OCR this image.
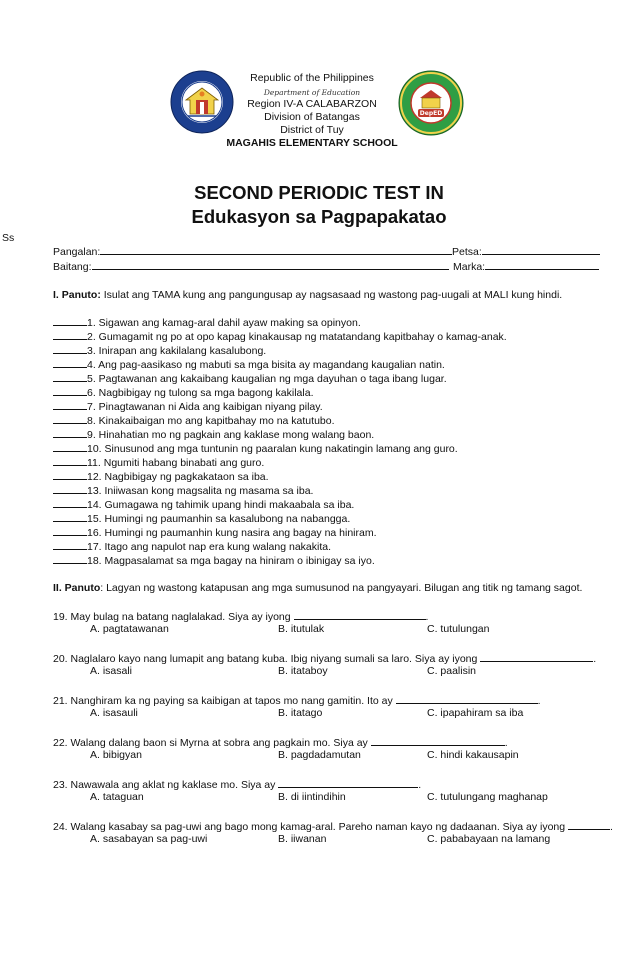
DepED
Republic of the Philippines
Department of Education
Region IV-A CALABARZON
Division of Batangas
District of Tuy
MAGAHIS ELEMENTARY SCHOOL
SECOND PERIODIC TEST IN
Edukasyon sa Pagpapakatao
Ss
Pangalan:	Petsa:
Baitang:	Marka:
I. Panuto: Isulat ang TAMA kung ang pangungusap ay nagsasaad ng wastong pag-uugali at MALI kung hindi.
1. Sigawan ang kamag-aral dahil ayaw making sa opinyon.
2. Gumagamit ng po at opo kapag kinakausap ng matatandang kapitbahay o kamag-anak.
3. Inirapan ang kakilalang kasalubong.
4. Ang pag-aasikaso ng mabuti sa mga bisita ay magandang kaugalian natin.
5. Pagtawanan ang kakaibang kaugalian ng mga dayuhan o taga ibang lugar.
6. Nagbibigay ng tulong sa mga bagong kakilala.
7. Pinagtawanan ni Aida ang kaibigan niyang pilay.
8. Kinakaibaigan mo ang kapitbahay mo na katutubo.
9. Hinahatian mo ng pagkain ang kaklase mong walang baon.
10. Sinusunod ang mga tuntunin ng paaralan kung nakatingin lamang ang guro.
11. Ngumiti habang binabati ang guro.
12. Nagbibigay ng pagkakataon sa iba.
13. Iniiwasan kong magsalita ng masama sa iba.
14. Gumagawa ng tahimik upang hindi makaabala sa iba.
15. Humingi ng paumanhin sa kasalubong na nabangga.
16. Humingi ng paumanhin kung nasira ang bagay na hiniram.
17. Itago ang napulot nap era kung walang nakakita.
18. Magpasalamat sa mga bagay na hiniram o ibinigay sa iyo.
II. Panuto: Lagyan ng wastong katapusan ang mga sumusunod na pangyayari. Bilugan ang titik ng tamang sagot.
19. May bulag na batang naglalakad. Siya ay iyong	.
A. pagtatawanan	B. itutulak	C. tutulungan
20. Naglalaro kayo nang lumapit ang batang kuba. Ibig niyang sumali sa laro. Siya ay iyong	.
A. isasali	B. itataboy	C. paalisin
21. Nanghiram ka ng paying sa kaibigan at tapos mo nang gamitin. Ito ay	.
A. isasauli	B. itatago	C. ipapahiram sa iba
22. Walang dalang baon si Myrna at sobra ang pagkain mo. Siya ay	.
A. bibigyan	B. pagdadamutan	C. hindi kakausapin
23. Nawawala ang aklat ng kaklase mo. Siya ay	.
A. tataguan	B. di iintindihin	C. tutulungang maghanap
24. Walang kasabay sa pag-uwi ang bago mong kamag-aral. Pareho naman kayo ng dadaanan. Siya ay iyong	.
A. sasabayan sa pag-uwi	B. iiwanan	C. pababayaan na lamang
